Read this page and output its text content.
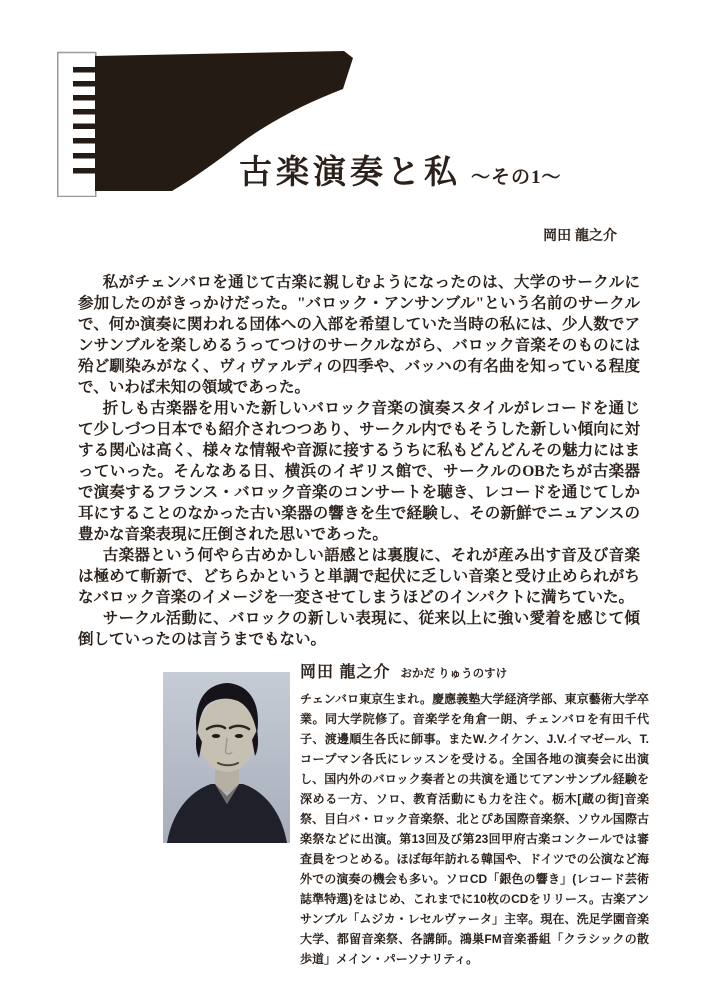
古楽演奏と私 ～その1～
岡田 龍之介

私がチェンバロを通じて古楽に親しむようになったのは、大学のサークルに参加したのがきっかけだった。"バロック・アンサンブル"という名前のサークルで、何か演奏に関われる団体への入部を希望していた当時の私には、少人数でアンサンブルを楽しめるうってつけのサークルながら、バロック音楽そのものには殆ど馴染みがなく、ヴィヴァルディの四季や、バッハの有名曲を知っている程度で、いわば未知の領域であった。

折しも古楽器を用いた新しいバロック音楽の演奏スタイルがレコードを通じて少しづつ日本でも紹介されつつあり、サークル内でもそうした新しい傾向に対する関心は高く、様々な情報や音源に接するうちに私もどんどんその魅力にはまっていった。そんなある日、横浜のイギリス館で、サークルのOBたちが古楽器で演奏するフランス・バロック音楽のコンサートを聴き、レコードを通じてしか耳にすることのなかった古い楽器の響きを生で経験し、その新鮮でニュアンスの豊かな音楽表現に圧倒された思いであった。

古楽器という何やら古めかしい語感とは裏腹に、それが産み出す音及び音楽は極めて斬新で、どちらかというと単調で起伏に乏しい音楽と受け止められがちなバロック音楽のイメージを一変させてしまうほどのインパクトに満ちていた。

サークル活動に、バロックの新しい表現に、従来以上に強い愛着を感じて傾倒していったのは言うまでもない。

岡田 龍之介 おかだ りゅうのすけ

チェンバロ東京生まれ。慶應義塾大学経済学部、東京藝術大学卒業。同大学院修了。音楽学を角倉一朗、チェンバロを有田千代子、渡邊順生各氏に師事。またW.クイケン、J.V.イマゼール、T.コープマン各氏にレッスンを受ける。全国各地の演奏会に出演し、国内外のバロック奏者との共演を通じてアンサンブル経験を深める一方、ソロ、教育活動にも力を注ぐ。栃木[蔵の街]音楽祭、目白バ・ロック音楽祭、北とぴあ国際音楽祭、ソウル国際古楽祭などに出演。第13回及び第23回甲府古楽コンクールでは審査員をつとめる。ほぼ毎年訪れる韓国や、ドイツでの公演など海外での演奏の機会も多い。ソロCD「銀色の響き」(レコード芸術誌準特選)をはじめ、これまでに10枚のCDをリリース。古楽アンサンブル「ムジカ・レセルヴァータ」主宰。現在、洗足学園音楽大学、都留音楽祭、各講師。鴻巣FM音楽番組「クラシックの散歩道」メイン・パーソナリティ。
